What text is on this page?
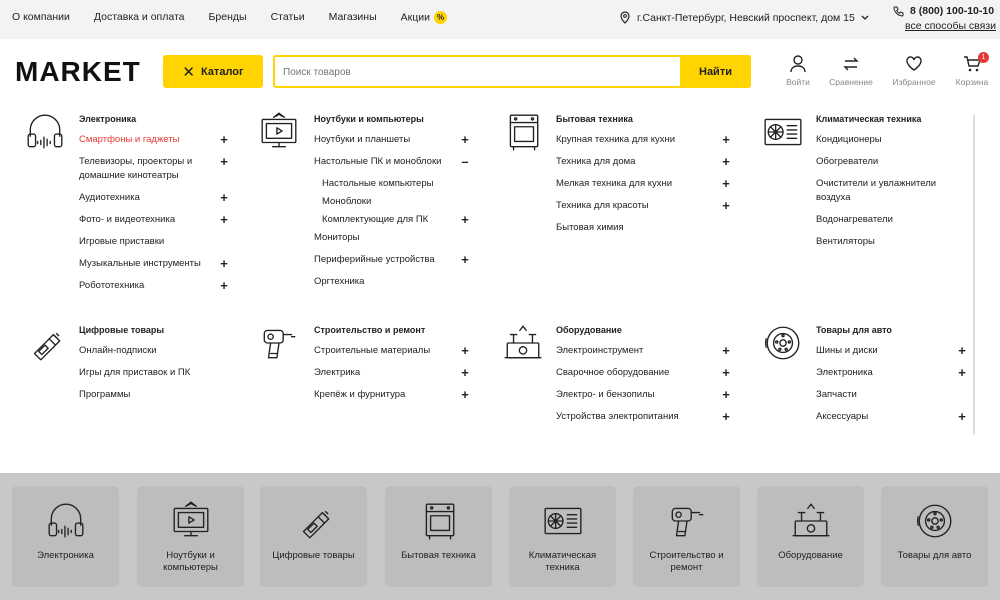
О компании Доставка и оплата Бренды Статьи Магазины Акции %	г.Санкт-Петербург, Невский проспект, дом 15
8 (800) 100-10-10
все способы связи
MARKET	✕ Каталог
Поиск товаров	Найти
Войти	Сравнение	Избранное
1
Корзина
Электроника
Смартфоны и гаджеты	+
Телевизоры, проекторы и +
домашние кинотеатры
Аудиотехника	+
Фото- и видеотехника	+
Игровые приставки
Музыкальные инструменты +
Робототехника	+
Ноутбуки и компьютеры
Ноутбуки и планшеты	+
Настольные ПК и моноблоки –
Настольные компьютеры
Моноблоки
Комплектующие для ПК	+
Мониторы
Периферийные устройства +
Оргтехника
Бытовая техника
Крупная техника для кухни	+
Техника для дома	+
Мелкая техника для кухни	+
Техника для красоты	+
Бытовая химия
Климатическая техника
Кондиционеры
Обогреватели
Очистители и увлажнители
воздуха
Водонагреватели
Вентиляторы
Цифровые товары
Онлайн-подписки
Игры для приставок и ПК
Программы
Строительство и ремонт
Строительные материалы +
Электрика	+
Крепёж и фурнитура	+
Оборудование
Электроинструмент	+
Сварочное оборудование	+
Электро- и бензопилы	+
Устройства электропитания	+
Товары для авто
Шины и диски	+
Электроника	+
Запчасти
Аксессуары	+
Электроника	Ноутбуки и компьютеры
Цифровые товары	Бытовая техника	Климатическая техника
Строительство и ремонт
Оборудование	Товары для авто
